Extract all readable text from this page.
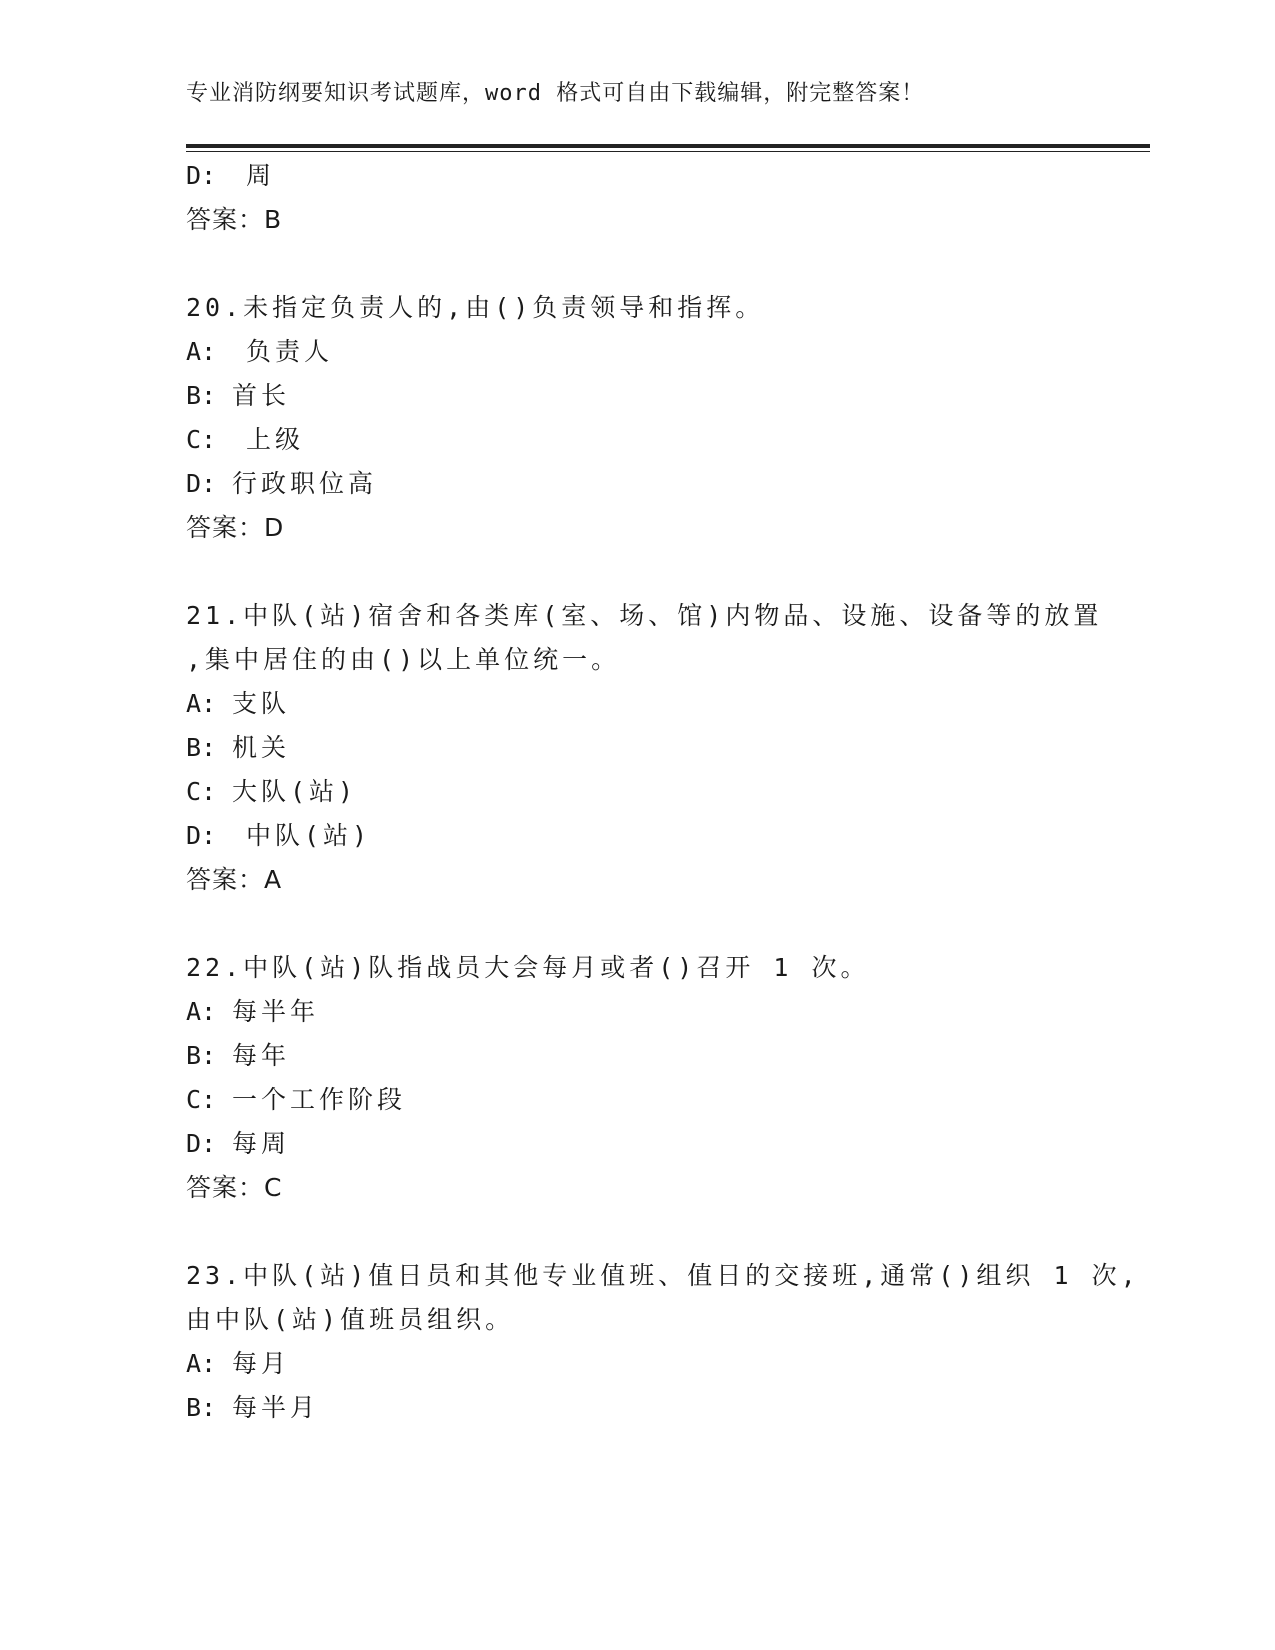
专业消防纲要知识考试题库，word 格式可自由下载编辑，附完整答案！
D: 周
答案：B
20.未指定负责人的,由()负责领导和指挥。
A: 负责人
B: 首长
C: 上级
D: 行政职位高
答案：D
21.中队(站)宿舍和各类库(室、场、馆)内物品、设施、设备等的放置
,集中居住的由()以上单位统一。
A: 支队
B: 机关
C: 大队(站)
D: 中队(站)
答案：A
22.中队(站)队指战员大会每月或者()召开 1 次。
A: 每半年
B: 每年
C: 一个工作阶段
D: 每周
答案：C
23.中队(站)值日员和其他专业值班、值日的交接班,通常()组织 1 次,
由中队(站)值班员组织。
A: 每月
B: 每半月
